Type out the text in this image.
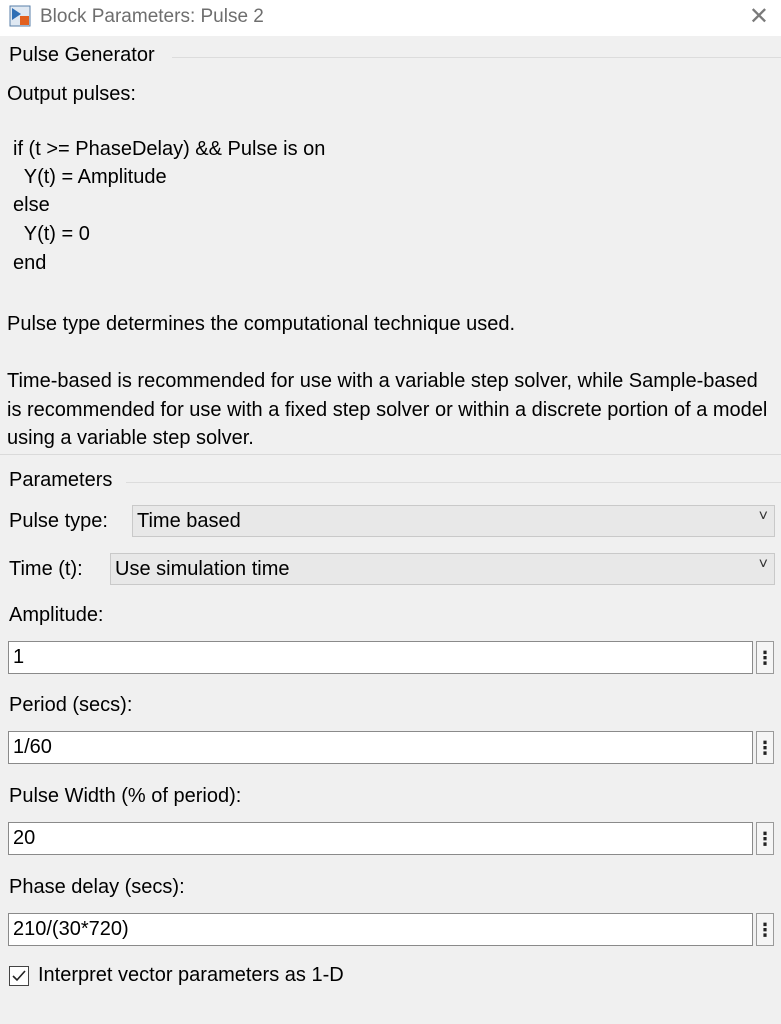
Block Parameters: Pulse 2	✕
Pulse Generator
Output pulses:
if (t >= PhaseDelay) && Pulse is on
Y(t) = Amplitude
else
Y(t) = 0
end
Pulse type determines the computational technique used.
Time-based is recommended for use with a variable step solver, while Sample-based is recommended for use with a fixed step solver or within a discrete portion of a model using a variable step solver.
Parameters
Pulse type: Time based	˅
Time (t): Use simulation time	˅
Amplitude:
1
⋮
Period (secs):
1/60
⋮
Pulse Width (% of period):
20
⋮
Phase delay (secs):
210/(30*720)
⋮
Interpret vector parameters as 1-D
